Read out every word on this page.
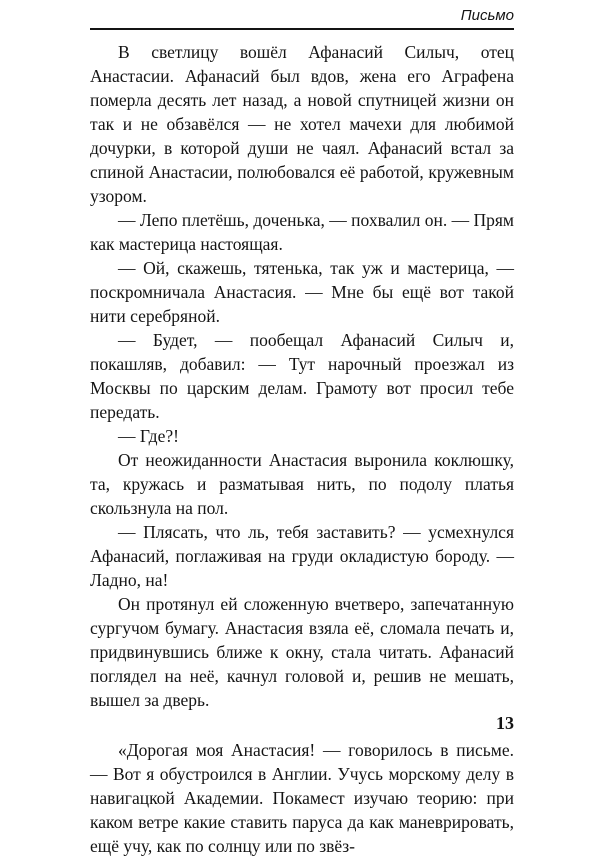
Письмо

В светлицу вошёл Афанасий Силыч, отец Анастасии. Афанасий был вдов, жена его Аграфена померла десять лет назад, а новой спутницей жизни он так и не обзавёлся — не хотел мачехи для любимой дочурки, в которой души не чаял. Афанасий встал за спиной Анастасии, полюбовался её работой, кружевным узором.

— Лепо плетёшь, доченька, — похвалил он. — Прям как мастерица настоящая.

— Ой, скажешь, тятенька, так уж и мастерица, — поскромничала Анастасия. — Мне бы ещё вот такой нити серебряной.

— Будет, — пообещал Афанасий Силыч и, покашляв, добавил: — Тут нарочный проезжал из Москвы по царским делам. Грамоту вот просил тебе передать.

— Где?!

От неожиданности Анастасия выронила коклюшку, та, кружась и разматывая нить, по подолу платья скользнула на пол.

— Плясать, что ль, тебя заставить? — усмехнулся Афанасий, поглаживая на груди окладистую бороду. — Ладно, на!

Он протянул ей сложенную вчетверо, запечатанную сургучом бумагу. Анастасия взяла её, сломала печать и, придвинувшись ближе к окну, стала читать. Афанасий поглядел на неё, качнул головой и, решив не мешать, вышел за дверь.

«Дорогая моя Анастасия! — говорилось в письме. — Вот я обустроился в Англии. Учусь морскому делу в навигацкой Академии. Покамест изучаю теорию: при каком ветре какие ставить паруса да как маневрировать, ещё учу, как по солнцу или по звёз-

13
